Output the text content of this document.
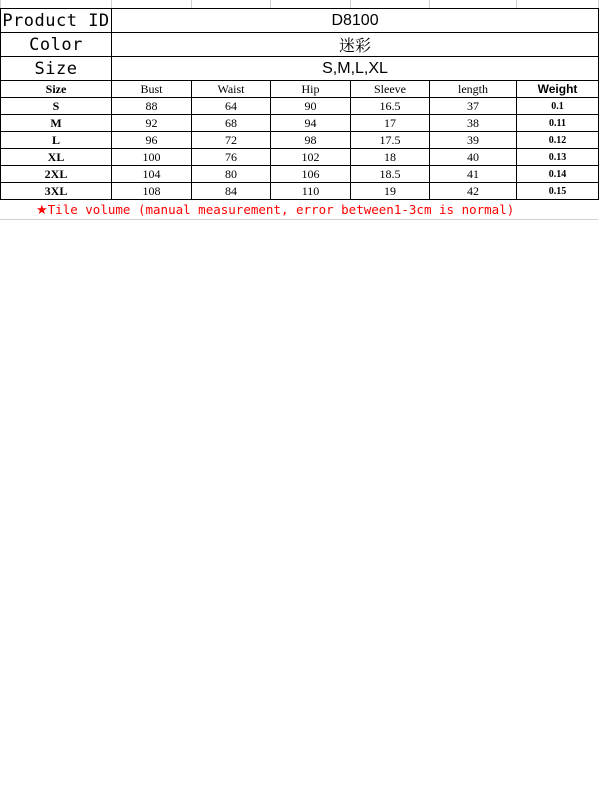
Product ID	D8100					
Color	迷彩					
Size	S,M,L,XL					
Size	Bust	Waist	Hip	Sleeve	length	Weight
S	88	64	90	16.5	37	0.1
M	92	68	94	17	38	0.11
L	96	72	98	17.5	39	0.12
XL	100	76	102	18	40	0.13
2XL	104	80	106	18.5	41	0.14
3XL	108	84	110	19	42	0.15
★Tile volume (manual measurement, error between1-3cm is normal)
